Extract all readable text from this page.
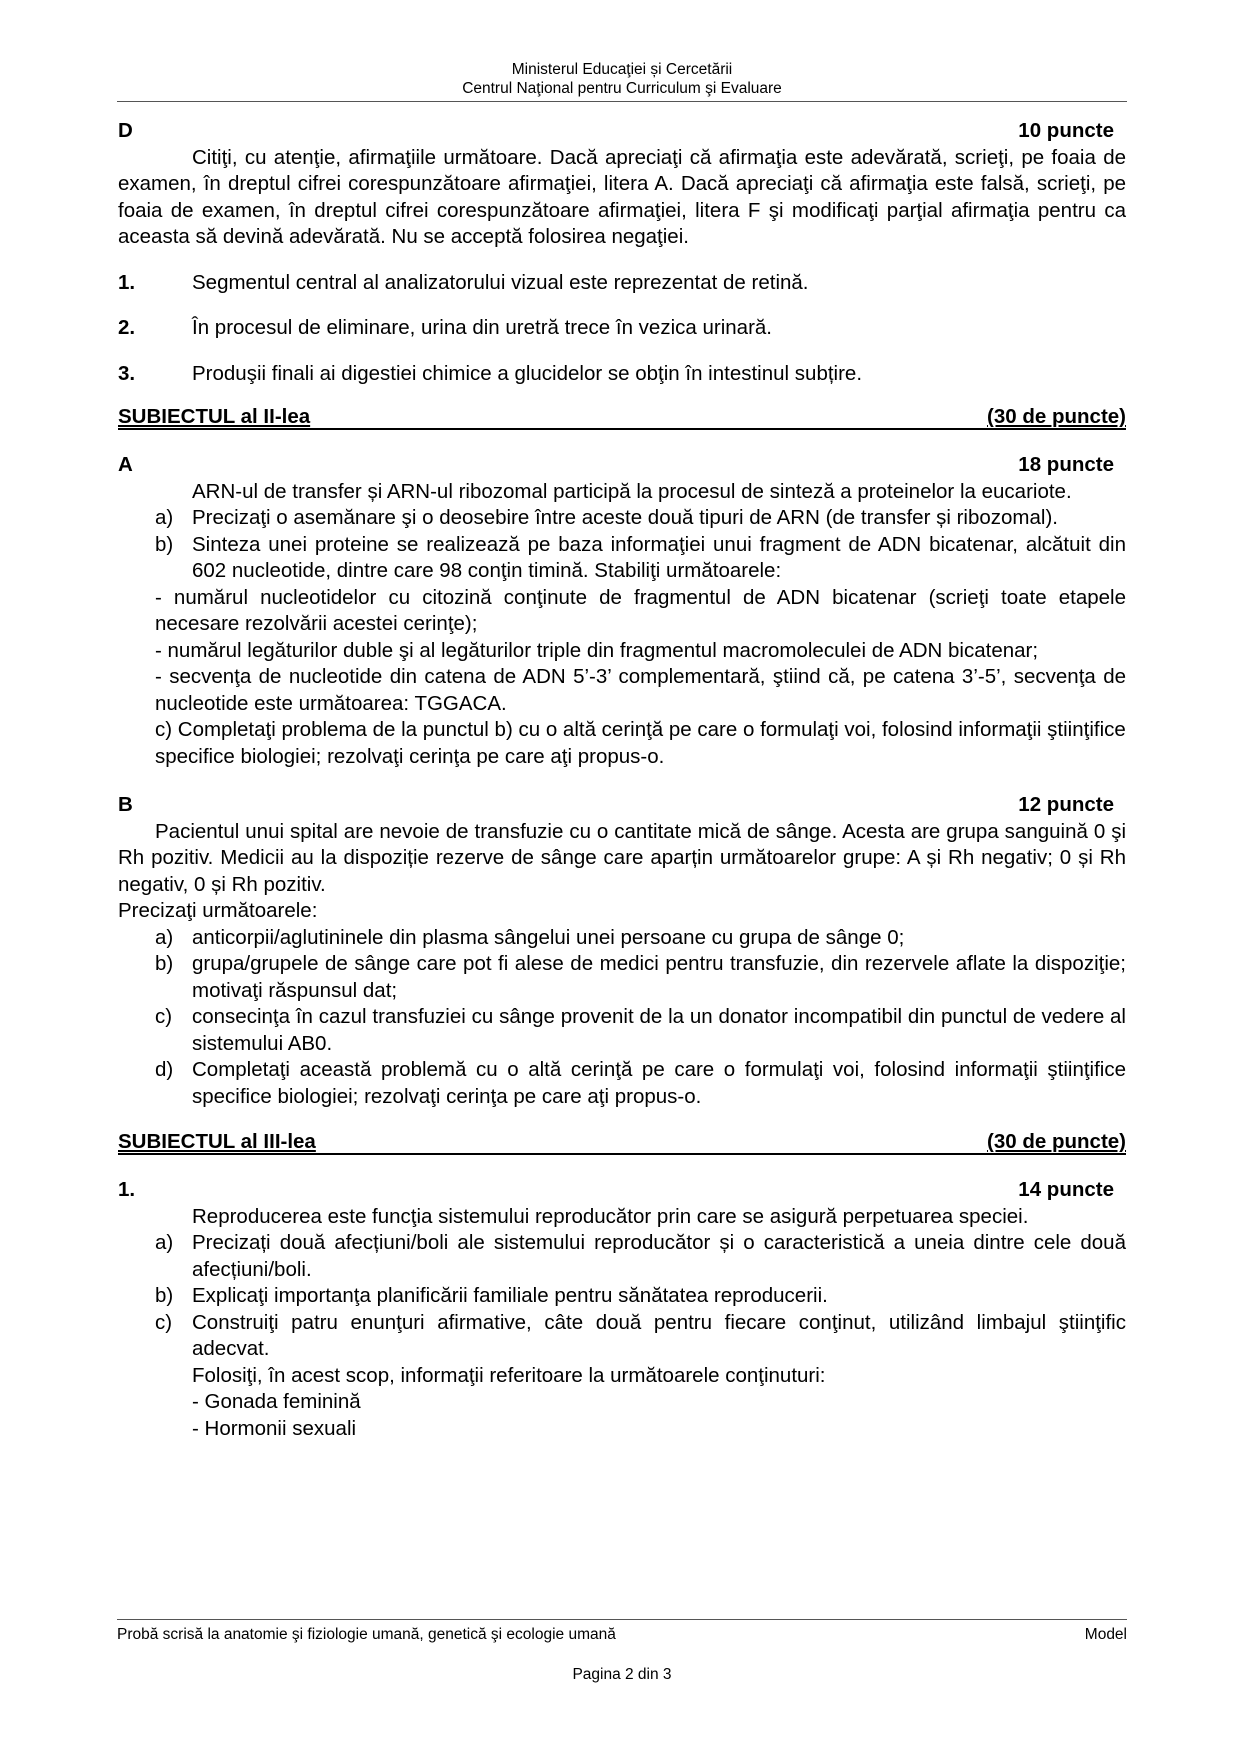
Ministerul Educaţiei și Cercetării
Centrul Naţional pentru Curriculum şi Evaluare
D	10 puncte
Citiţi, cu atenţie, afirmaţiile următoare. Dacă apreciaţi că afirmaţia este adevărată, scrieţi, pe foaia de examen, în dreptul cifrei corespunzătoare afirmaţiei, litera A. Dacă apreciaţi că afirmaţia este falsă, scrieţi, pe foaia de examen, în dreptul cifrei corespunzătoare afirmaţiei, litera F şi modificaţi parţial afirmaţia pentru ca aceasta să devină adevărată. Nu se acceptă folosirea negaţiei.
1.	Segmentul central al analizatorului vizual este reprezentat de retină.
2.	În procesul de eliminare, urina din uretră trece în vezica urinară.
3.	Produşii finali ai digestiei chimice a glucidelor se obţin în intestinul subțire.
SUBIECTUL al II-lea	(30 de puncte)
A	18 puncte
ARN-ul de transfer și ARN-ul ribozomal participă la procesul de sinteză a proteinelor la eucariote.
a) Precizaţi o asemănare şi o deosebire între aceste două tipuri de ARN (de transfer și ribozomal).
b) Sinteza unei proteine se realizează pe baza informaţiei unui fragment de ADN bicatenar, alcătuit din 602 nucleotide, dintre care 98 conţin timină. Stabiliţi următoarele:
- numărul nucleotidelor cu citozină conţinute de fragmentul de ADN bicatenar (scrieţi toate etapele necesare rezolvării acestei cerinţe);
- numărul legăturilor duble şi al legăturilor triple din fragmentul macromoleculei de ADN bicatenar;
- secvenţa de nucleotide din catena de ADN 5’-3’ complementară, ştiind că, pe catena 3’-5’, secvenţa de nucleotide este următoarea: TGGACA.
c) Completaţi problema de la punctul b) cu o altă cerinţă pe care o formulaţi voi, folosind informaţii ştiinţifice specifice biologiei; rezolvaţi cerinţa pe care aţi propus-o.
B	12 puncte
Pacientul unui spital are nevoie de transfuzie cu o cantitate mică de sânge. Acesta are grupa sanguină 0 şi Rh pozitiv. Medicii au la dispoziție rezerve de sânge care aparțin următoarelor grupe: A și Rh negativ; 0 și Rh negativ, 0 și Rh pozitiv.
Precizaţi următoarele:
a) anticorpii/aglutininele din plasma sângelui unei persoane cu grupa de sânge 0;
b) grupa/grupele de sânge care pot fi alese de medici pentru transfuzie, din rezervele aflate la dispoziţie; motivaţi răspunsul dat;
c) consecinţa în cazul transfuziei cu sânge provenit de la un donator incompatibil din punctul de vedere al sistemului AB0.
d) Completaţi această problemă cu o altă cerinţă pe care o formulaţi voi, folosind informaţii ştiinţifice specifice biologiei; rezolvaţi cerinţa pe care aţi propus-o.
SUBIECTUL al III-lea	(30 de puncte)
1.	14 puncte
Reproducerea este funcţia sistemului reproducător prin care se asigură perpetuarea speciei.
a) Precizați două afecțiuni/boli ale sistemului reproducător și o caracteristică a uneia dintre cele două afecțiuni/boli.
b) Explicaţi importanţa planificării familiale pentru sănătatea reproducerii.
c) Construiţi patru enunţuri afirmative, câte două pentru fiecare conţinut, utilizând limbajul ştiinţific adecvat.
Folosiţi, în acest scop, informaţii referitoare la următoarele conţinuturi:
- Gonada feminină
- Hormonii sexuali
Probă scrisă la anatomie şi fiziologie umană, genetică şi ecologie umană	Model
Pagina 2 din 3
